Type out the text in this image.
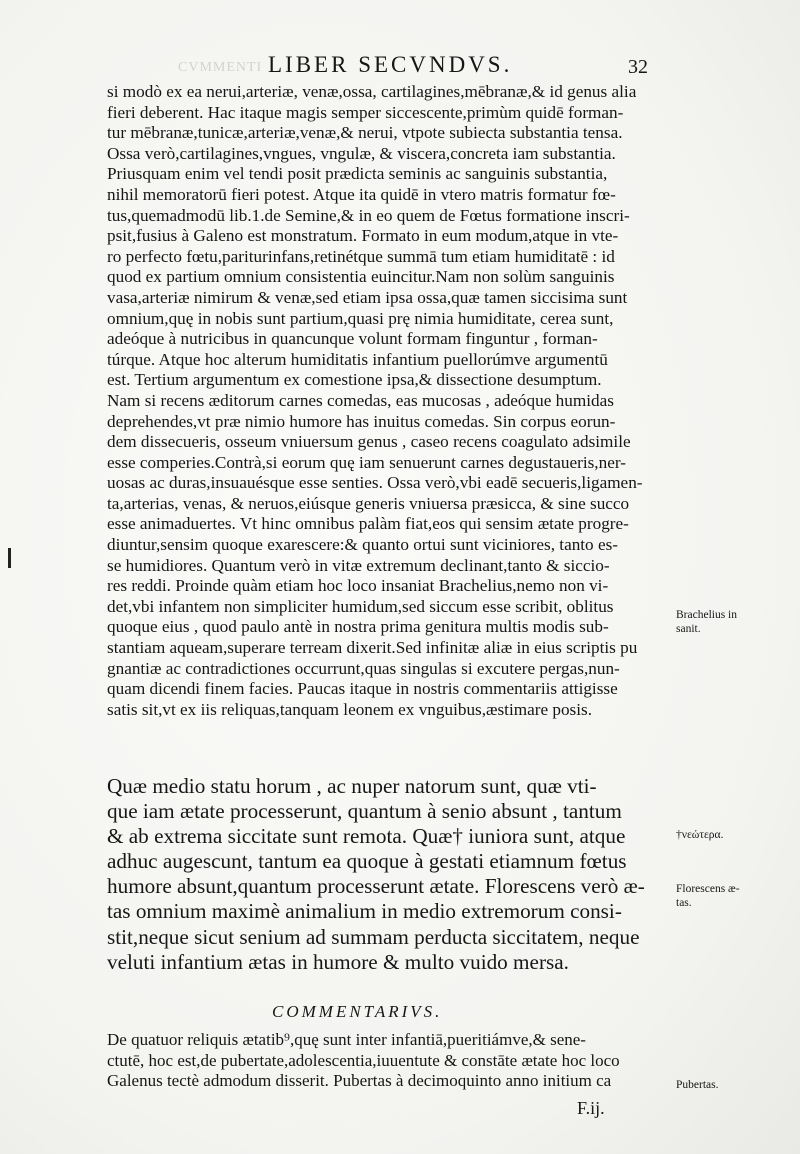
CVMMENTI LIBER SECVNDVS.	32
si modò ex ea nerui,arteriæ, venæ,ossa, cartilagines,mēbranæ,& id genus alia
fieri deberent. Hac itaque magis semper siccescente,primùm quidē forman-
tur mēbranæ,tunicæ,arteriæ,venæ,& nerui, vtpote subiecta substantia tensa.
Ossa verò,cartilagines,vngues, vngulæ, & viscera,concreta iam substantia.
Priusquam enim vel tendi posit prædicta seminis ac sanguinis substantia,
nihil memoratorū fieri potest. Atque ita quidē in vtero matris formatur fœ-
tus,quemadmodū lib.1.de Semine,& in eo quem de Fœtus formatione inscri-
psit,fusius à Galeno est monstratum. Formato in eum modum,atque in vte-
ro perfecto fœtu,pariturinfans,retinétque summā tum etiam humiditatē : id
quod ex partium omnium consistentia euincitur.Nam non solùm sanguinis
vasa,arteriæ nimirum & venæ,sed etiam ipsa ossa,quæ tamen siccisima sunt
omnium,quę in nobis sunt partium,quasi prę nimia humiditate, cerea sunt,
adeóque à nutricibus in quancunque volunt formam finguntur , forman-
túrque. Atque hoc alterum humiditatis infantium puellorúmve argumentū
est. Tertium argumentum ex comestione ipsa,& dissectione desumptum.
Nam si recens æditorum carnes comedas, eas mucosas , adeóque humidas
deprehendes,vt præ nimio humore has inuitus comedas. Sin corpus eorun-
dem dissecueris, osseum vniuersum genus , caseo recens coagulato adsimile
esse comperies.Contrà,si eorum quę iam senuerunt carnes degustaueris,ner-
uosas ac duras,insuauésque esse senties. Ossa verò,vbi eadē secueris,ligamen-
ta,arterias, venas, & neruos,eiúsque generis vniuersa præsicca, & sine succo
esse animaduertes. Vt hinc omnibus palàm fiat,eos qui sensim ætate progre-
diuntur,sensim quoque exarescere:& quanto ortui sunt viciniores, tanto es-
se humidiores. Quantum verò in vitæ extremum declinant,tanto & siccio-
res reddi. Proinde quàm etiam hoc loco insaniat Brachelius,nemo non vi-
det,vbi infantem non simpliciter humidum,sed siccum esse scribit, oblitus
quoque eius , quod paulo antè in nostra prima genitura multis modis sub-
stantiam aqueam,superare terream dixerit.Sed infinitæ aliæ in eius scriptis pu
gnantiæ ac contradictiones occurrunt,quas singulas si excutere pergas,nun-
quam dicendi finem facies. Paucas itaque in nostris commentariis attigisse
satis sit,vt ex iis reliquas,tanquam leonem ex vnguibus,æstimare posis.
Quæ medio statu horum , ac nuper natorum sunt, quæ vti-
que iam ætate processerunt, quantum à senio absunt , tantum
& ab extrema siccitate sunt remota. Quæ† iuniora sunt, atque
adhuc augescunt, tantum ea quoque à gestati etiamnum fœtus
humore absunt,quantum processerunt ætate. Florescens verò æ-
tas omnium maximè animalium in medio extremorum consi-
stit,neque sicut senium ad summam perducta siccitatem, neque
veluti infantium ætas in humore & multo vuido mersa.
COMMENTARIVS.
De quatuor reliquis ætatib⁹,quę sunt inter infantiā,pueritiámve,& senе-
ctutē, hoc est,de pubertate,adolescentia,iuuentute & constāte ætate hoc loco
Galenus tectè admodum disserit. Pubertas à decimoquinto anno initium ca
F.ij.
Brachelius in
sanit.
†νεώτερα.
Florescens æ-
tas.
Pubertas.
